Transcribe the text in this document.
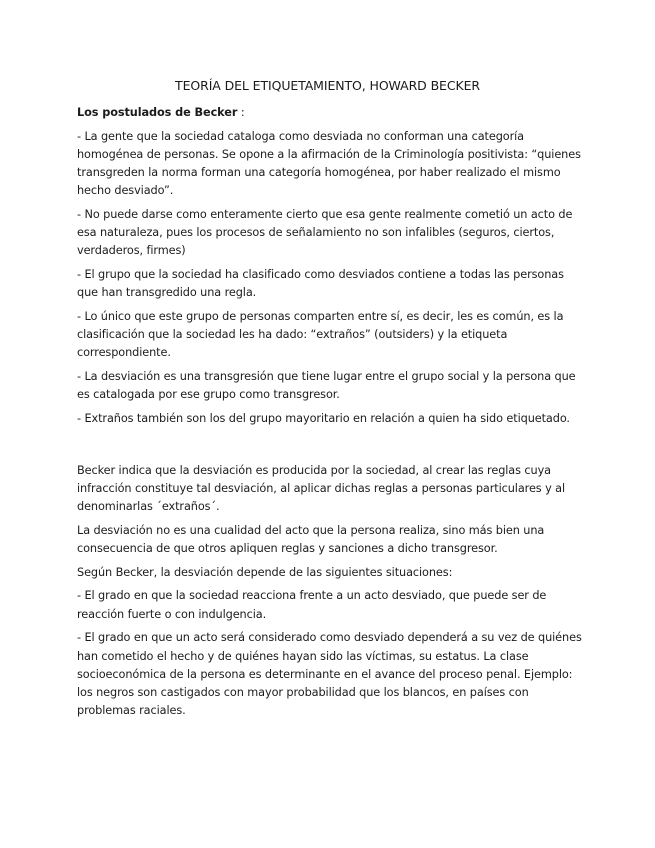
TEORÍA DEL ETIQUETAMIENTO, HOWARD BECKER

Los postulados de Becker :

- La gente que la sociedad cataloga como desviada no conforman una categoría homogénea de personas. Se opone a la afirmación de la Criminología positivista: “quienes transgreden la norma forman una categoría homogénea, por haber realizado el mismo hecho desviado”.

- No puede darse como enteramente cierto que esa gente realmente cometió un acto de esa naturaleza, pues los procesos de señalamiento no son infalibles (seguros, ciertos, verdaderos, firmes)

- El grupo que la sociedad ha clasificado como desviados contiene a todas las personas que han transgredido una regla.

- Lo único que este grupo de personas comparten entre sí, es decir, les es común, es la clasificación que la sociedad les ha dado: “extraños” (outsiders) y la etiqueta correspondiente.

- La desviación es una transgresión que tiene lugar entre el grupo social y la persona que es catalogada por ese grupo como transgresor.

- Extraños también son los del grupo mayoritario en relación a quien ha sido etiquetado.

Becker indica que la desviación es producida por la sociedad, al crear las reglas cuya infracción constituye tal desviación, al aplicar dichas reglas a personas particulares y al denominarlas ´extraños´.

La desviación no es una cualidad del acto que la persona realiza, sino más bien una consecuencia de que otros apliquen reglas y sanciones a dicho transgresor.

Según Becker, la desviación depende de las siguientes situaciones:

- El grado en que la sociedad reacciona frente a un acto desviado, que puede ser de reacción fuerte o con indulgencia.

- El grado en que un acto será considerado como desviado dependerá a su vez de quiénes han cometido el hecho y de quiénes hayan sido las víctimas, su estatus. La clase socioeconómica de la persona es determinante en el avance del proceso penal. Ejemplo: los negros son castigados con mayor probabilidad que los blancos, en países con problemas raciales.
